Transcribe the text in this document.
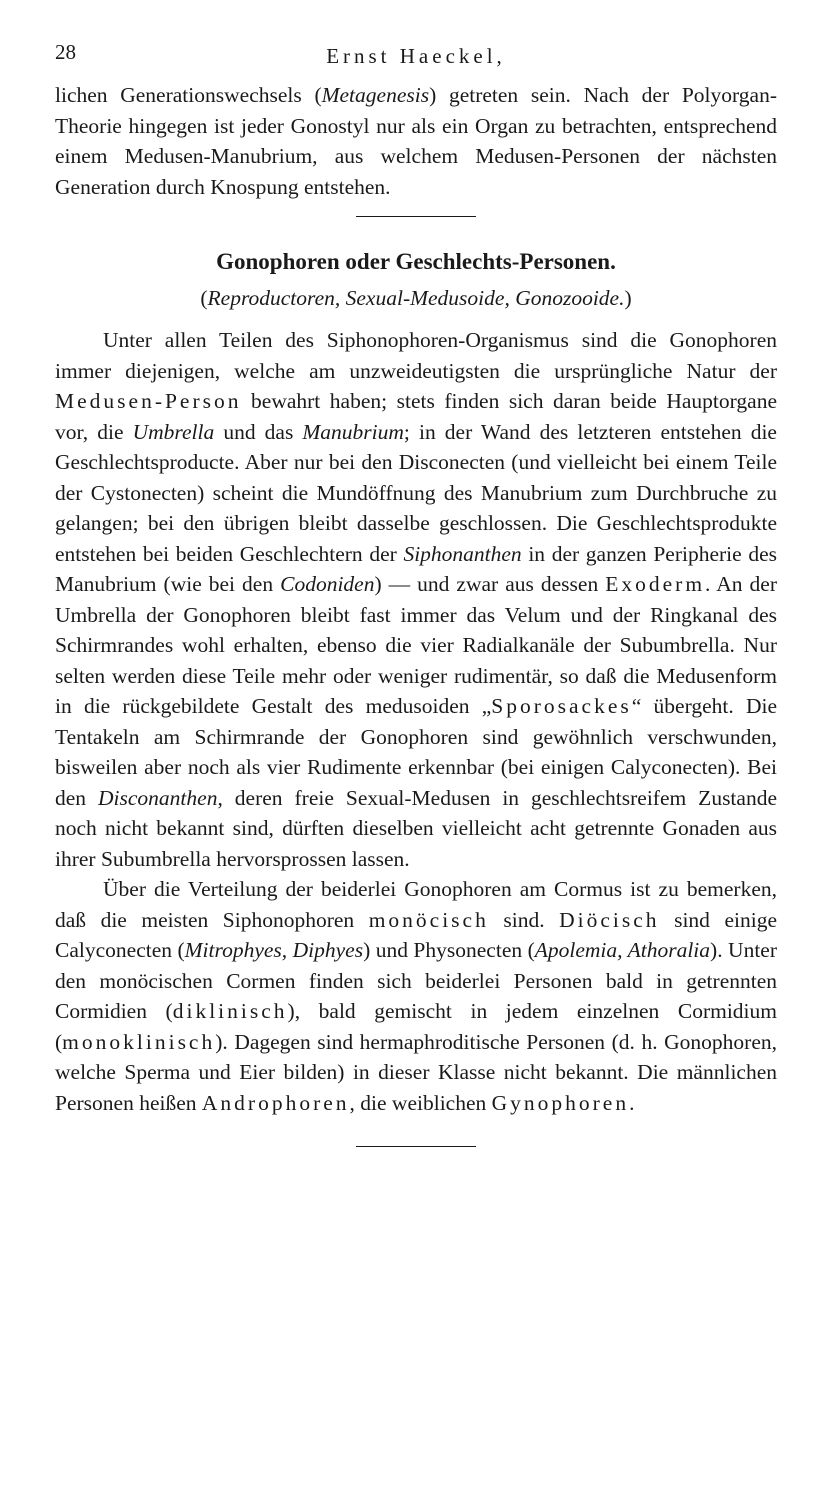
28	Ernst Haeckel,

lichen Generationswechsels (Metagenesis) getreten sein. Nach der Polyorgan-Theorie hingegen ist jeder Gonostyl nur als ein Organ zu betrachten, entsprechend einem Medusen-Manubrium, aus welchem Medusen-Personen der nächsten Generation durch Knospung entstehen.

Gonophoren oder Geschlechts-Personen.
(Reproductoren, Sexual-Medusoide, Gonozooide.)

Unter allen Teilen des Siphonophoren-Organismus sind die Gonophoren immer diejenigen, welche am unzweideutigsten die ursprüngliche Natur der Medusen-Person bewahrt haben; stets finden sich daran beide Hauptorgane vor, die Umbrella und das Manubrium; in der Wand des letzteren entstehen die Geschlechtsproducte. Aber nur bei den Disconecten (und vielleicht bei einem Teile der Cystonecten) scheint die Mundöffnung des Manubrium zum Durchbruche zu gelangen; bei den übrigen bleibt dasselbe geschlossen. Die Geschlechtsprodukte entstehen bei beiden Geschlechtern der Siphonanthen in der ganzen Peripherie des Manubrium (wie bei den Codoniden) — und zwar aus dessen Exoderm. An der Umbrella der Gonophoren bleibt fast immer das Velum und der Ringkanal des Schirmrandes wohl erhalten, ebenso die vier Radialkanäle der Subumbrella. Nur selten werden diese Teile mehr oder weniger rudimentär, so daß die Medusenform in die rückgebildete Gestalt des medusoiden „Sporosackes“ übergeht. Die Tentakeln am Schirmrande der Gonophoren sind gewöhnlich verschwunden, bisweilen aber noch als vier Rudimente erkennbar (bei einigen Calyconecten). Bei den Disconanthen, deren freie Sexual-Medusen in geschlechtsreifem Zustande noch nicht bekannt sind, dürften dieselben vielleicht acht getrennte Gonaden aus ihrer Subumbrella hervorsprossen lassen.

Über die Verteilung der beiderlei Gonophoren am Cormus ist zu bemerken, daß die meisten Siphonophoren monöcisch sind. Diöcisch sind einige Calyconecten (Mitrophyes, Diphyes) und Physonecten (Apolemia, Athoralia). Unter den monöcischen Cormen finden sich beiderlei Personen bald in getrennten Cormidien (diklinisch), bald gemischt in jedem einzelnen Cormidium (monoklinisch). Dagegen sind hermaphroditische Personen (d. h. Gonophoren, welche Sperma und Eier bilden) in dieser Klasse nicht bekannt. Die männlichen Personen heißen Androphoren, die weiblichen Gynophoren.
